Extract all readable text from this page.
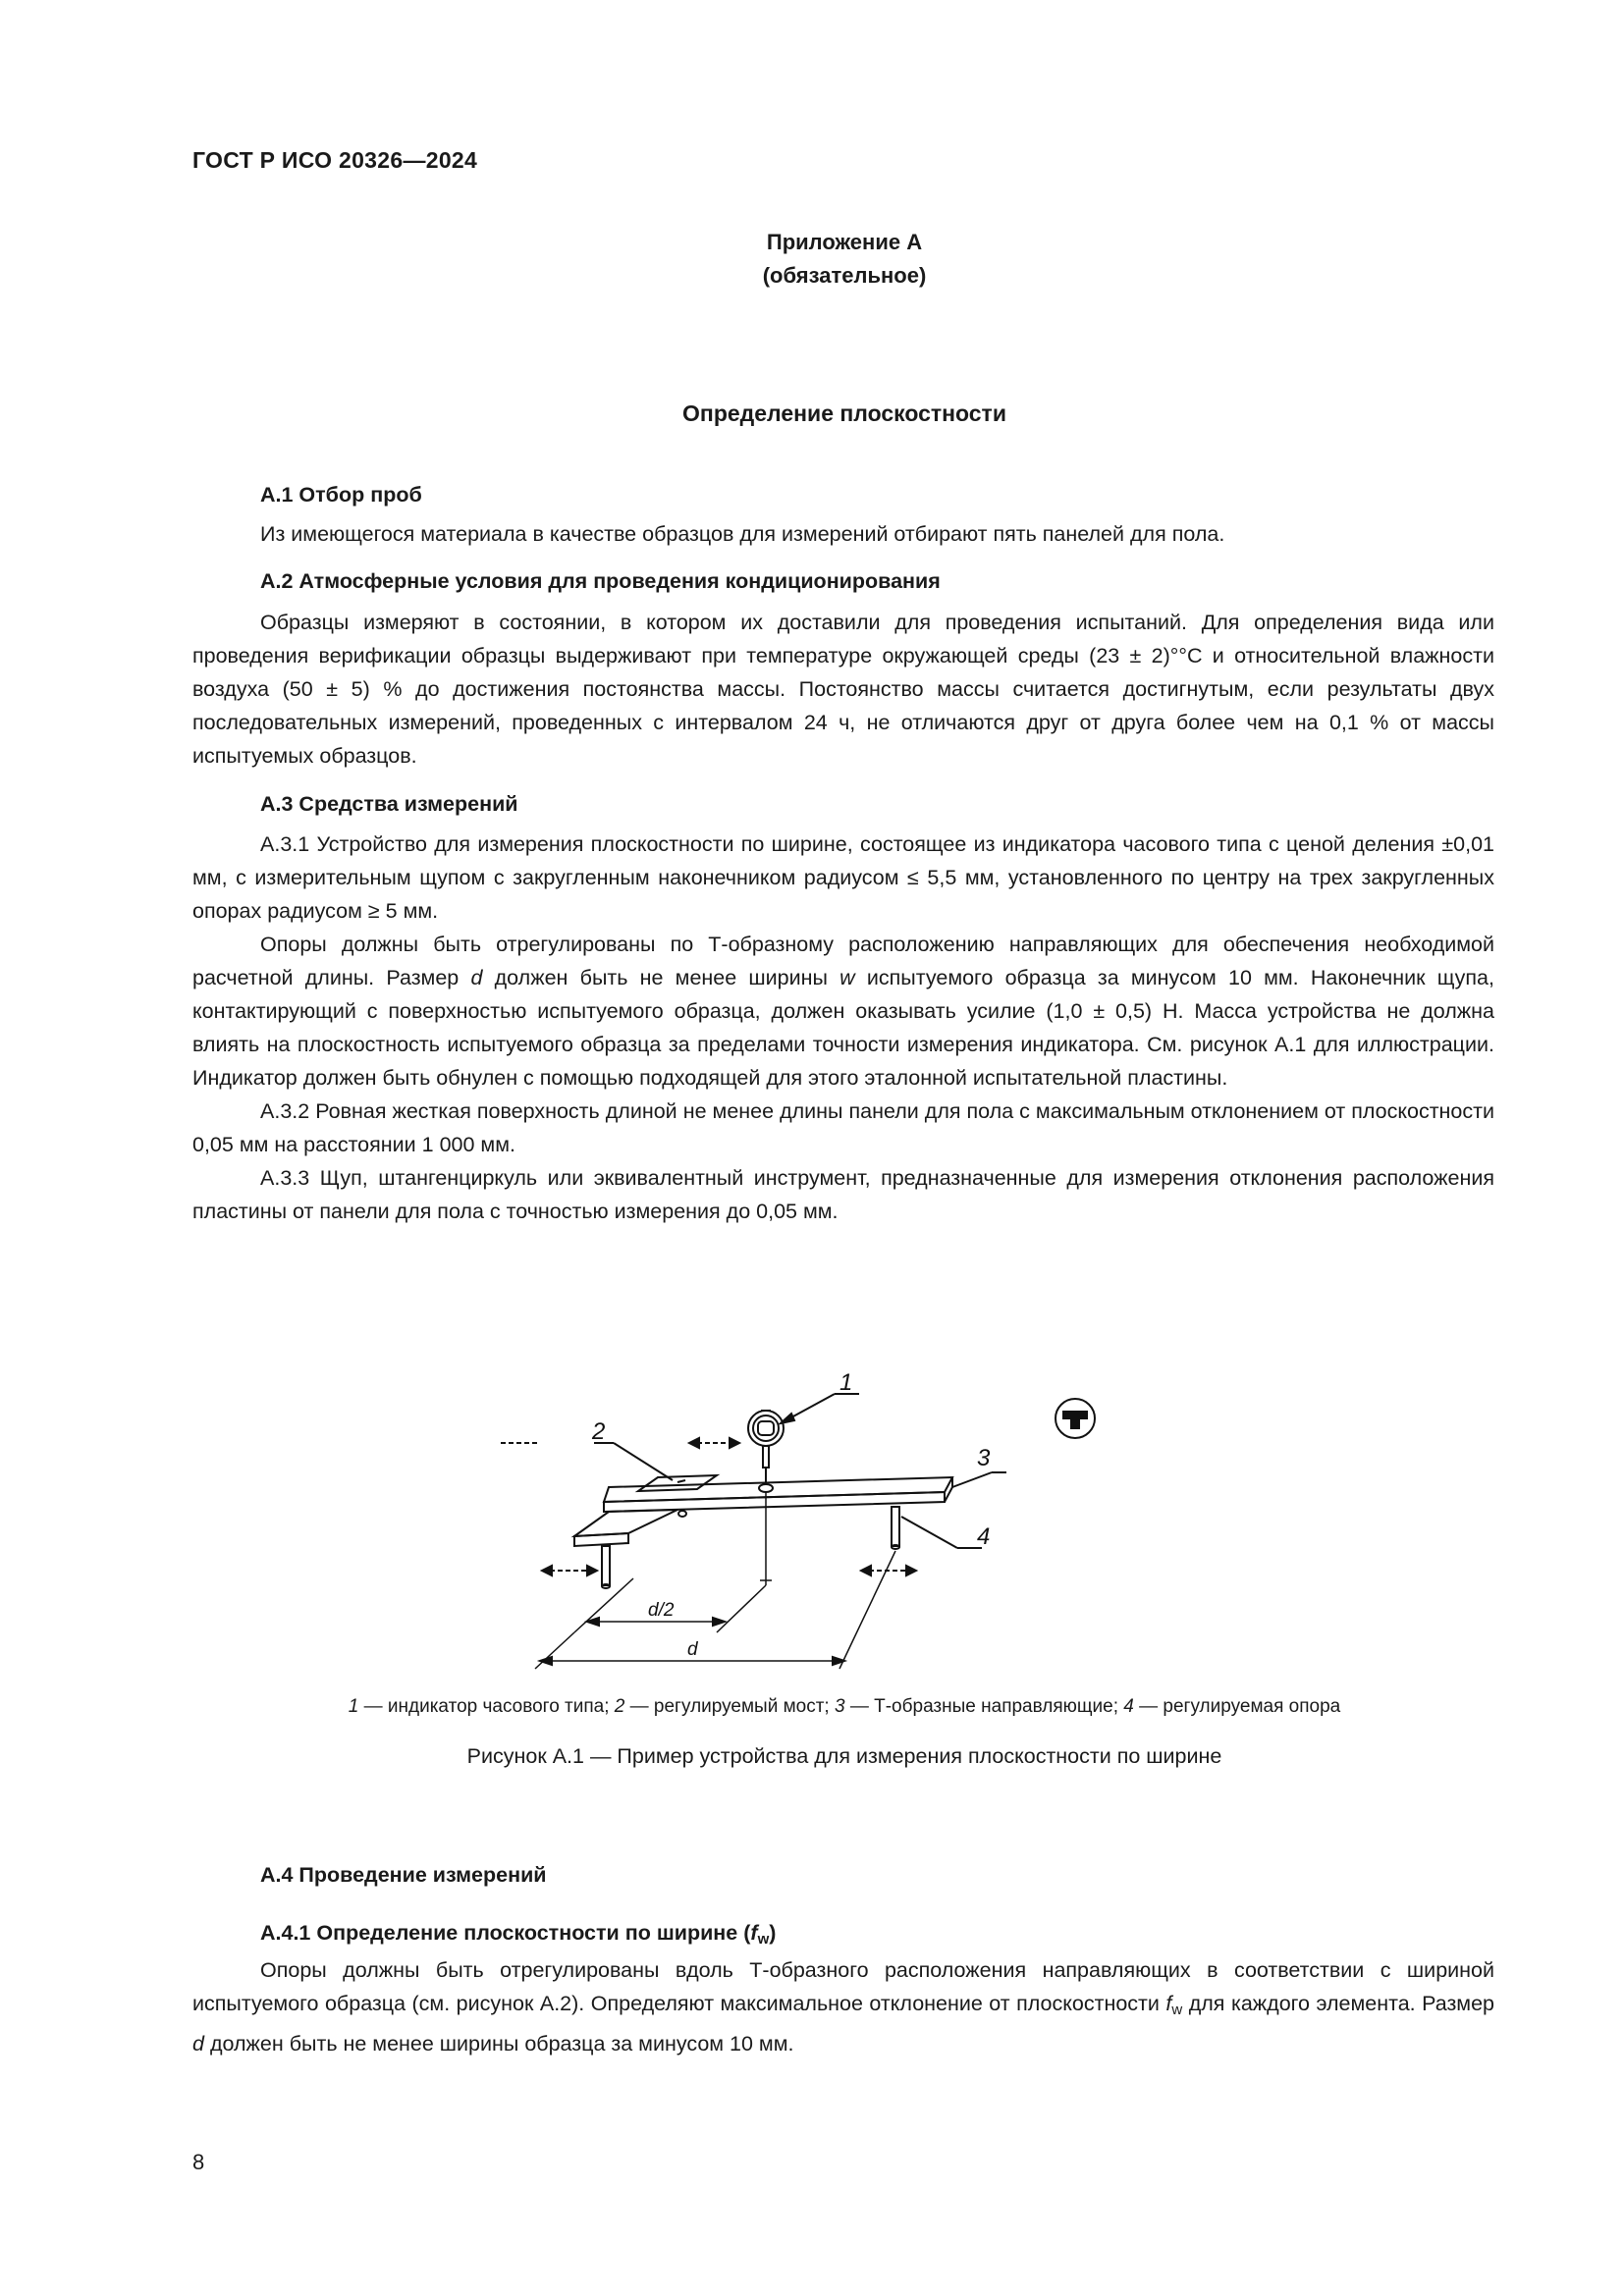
ГОСТ Р ИСО 20326—2024
Приложение А
(обязательное)
Определение плоскостности
А.1 Отбор проб

Из имеющегося материала в качестве образцов для измерений отбирают пять панелей для пола.

А.2 Атмосферные условия для проведения кондиционирования

Образцы измеряют в состоянии, в котором их доставили для проведения испытаний. Для определения вида или проведения верификации образцы выдерживают при температуре окружающей среды (23 ± 2)°°С и относительной влажности воздуха (50 ± 5) % до достижения постоянства массы. Постоянство массы считается достигнутым, если результаты двух последовательных измерений, проведенных с интервалом 24 ч, не отличаются друг от друга более чем на 0,1 % от массы испытуемых образцов.

А.3 Средства измерений

А.3.1 Устройство для измерения плоскостности по ширине, состоящее из индикатора часового типа с ценой деления ±0,01 мм, с измерительным щупом с закругленным наконечником радиусом ≤ 5,5 мм, установленного по центру на трех закругленных опорах радиусом ≥ 5 мм.

Опоры должны быть отрегулированы по Т-образному расположению направляющих для обеспечения необходимой расчетной длины. Размер d должен быть не менее ширины w испытуемого образца за минусом 10 мм. Наконечник щупа, контактирующий с поверхностью испытуемого образца, должен оказывать усилие (1,0 ± 0,5) Н. Масса устройства не должна влиять на плоскостность испытуемого образца за пределами точности измерения индикатора. См. рисунок А.1 для иллюстрации. Индикатор должен быть обнулен с помощью подходящей для этого эталонной испытательной пластины.

А.3.2 Ровная жесткая поверхность длиной не менее длины панели для пола с максимальным отклонением от плоскостности 0,05 мм на расстоянии 1 000 мм.

А.3.3 Щуп, штангенциркуль или эквивалентный инструмент, предназначенные для измерения отклонения расположения пластины от панели для пола с точностью измерения до 0,05 мм.

1
2
3
4
d/2
d
1 — индикатор часового типа; 2 — регулируемый мост; 3 — Т-образные направляющие; 4 — регулируемая опора
Рисунок А.1 — Пример устройства для измерения плоскостности по ширине
А.4 Проведение измерений
А.4.1 Определение плоскостности по ширине $(f_w)$

Опоры должны быть отрегулированы вдоль Т-образного расположения направляющих в соответствии с шириной испытуемого образца (см. рисунок А.2). Определяют максимальное отклонение от плоскостности $f_w$ для каждого элемента. Размер d должен быть не менее ширины образца за минусом 10 мм.

8
